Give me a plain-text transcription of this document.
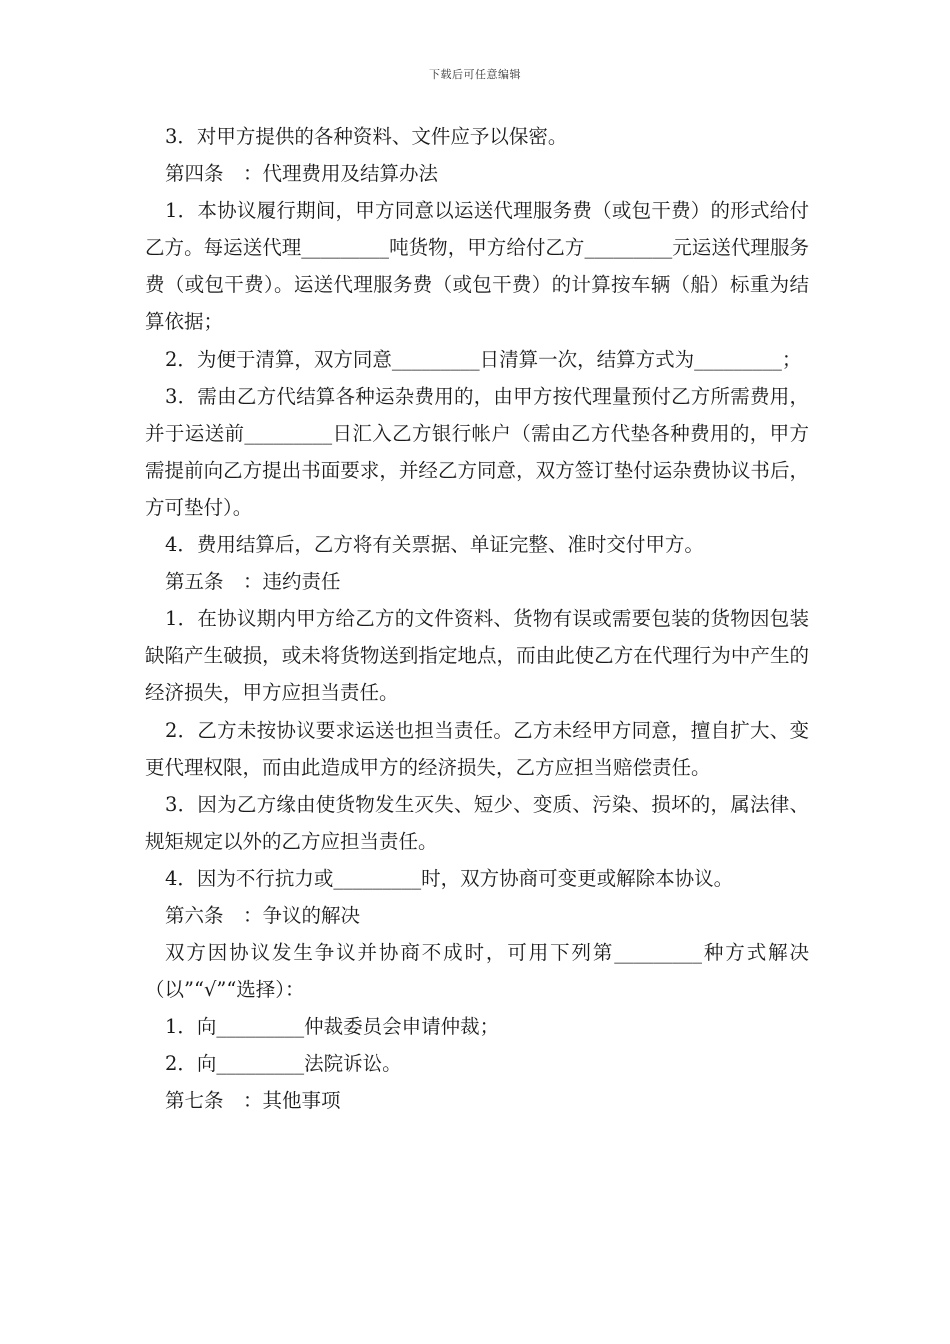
下载后可任意编辑

3．对甲方提供的各种资料、文件应予以保密。

第四条　：代理费用及结算办法

1．本协议履行期间，甲方同意以运送代理服务费（或包干费）的形式给付乙方。每运送代理_________吨货物，甲方给付乙方_________元运送代理服务费（或包干费）。运送代理服务费（或包干费）的计算按车辆（船）标重为结算依据；

2．为便于清算，双方同意_________日清算一次，结算方式为_________；

3．需由乙方代结算各种运杂费用的，由甲方按代理量预付乙方所需费用，并于运送前_________日汇入乙方银行帐户（需由乙方代垫各种费用的，甲方需提前向乙方提出书面要求，并经乙方同意，双方签订垫付运杂费协议书后，方可垫付）。

4．费用结算后，乙方将有关票据、单证完整、准时交付甲方。

第五条　：违约责任

1．在协议期内甲方给乙方的文件资料、货物有误或需要包装的货物因包装缺陷产生破损，或未将货物送到指定地点，而由此使乙方在代理行为中产生的经济损失，甲方应担当责任。

2．乙方未按协议要求运送也担当责任。乙方未经甲方同意，擅自扩大、变更代理权限，而由此造成甲方的经济损失，乙方应担当赔偿责任。

3．因为乙方缘由使货物发生灭失、短少、变质、污染、损坏的，属法律、规矩规定以外的乙方应担当责任。

4．因为不行抗力或_________时，双方协商可变更或解除本协议。

第六条　：争议的解决

双方因协议发生争议并协商不成时，可用下列第_________种方式解决（以”“√”“选择）：

1．向_________仲裁委员会申请仲裁；

2．向_________法院诉讼。

第七条　：其他事项
